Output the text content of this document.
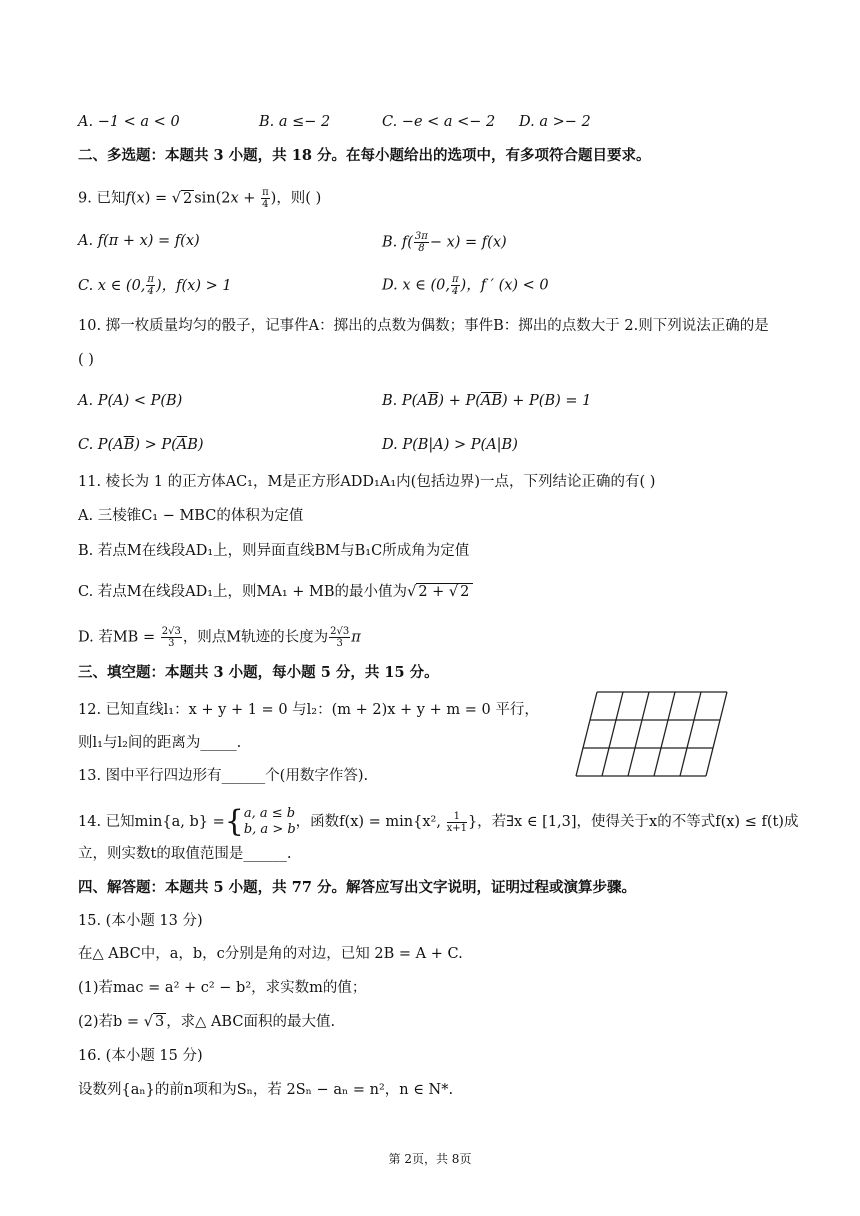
A. −1 < a < 0	B. a ≤− 2	C. −e < a <− 2 D. a >− 2
二、多选题：本题共 3 小题，共 18 分。在每小题给出的选项中，有多项符合题目要求。
9. 已知f(x) = √ 2 $\sin(2x + \frac{\pi}{4}$ )，则( )
A. f(π + x) = f(x)	B. $f( \frac{3\pi}{8} - x) = f(x)$
C. x ∈ (0, $\frac{\pi}{4}$ )，f(x) > 1	D. x ∈ (0, $\frac{\pi}{4}$ )，f ′ (x) < 0
10. 掷一枚质量均匀的骰子，记事件A：掷出的点数为偶数；事件B：掷出的点数大于 2.则下列说法正确的是
( )
A. P(A) < P(B)	B. $P(A\overline{B}) + P(\overline{A}\overline{B}) + P(B) = 1$
C. $P(A\overline{B}) > P(\overline{A}B)$	D. P(B|A) > P(A|B)
11. 棱长为 1 的正方体AC₁，M是正方形ADD₁A₁内(包括边界)一点，下列结论正确的有( )
A. 三棱锥C₁ − MBC的体积为定值
B. 若点M在线段AD₁上，则异面直线BM与B₁C所成角为定值
C. 若点M在线段AD₁上，则MA₁ + MB的最小值为√ 2 + √ 2
D. 若MB = $\frac{2√3}{3}$ ，则点M轨迹的长度为 $\frac{2√3}{3}$ π
三、填空题：本题共 3 小题，每小题 5 分，共 15 分。
12. 已知直线l₁：x + y + 1 = 0 与l₂：(m + 2)x + y + m = 0 平行，
则l₁与l₂间的距离为_____.
13. 图中平行四边形有______个(用数字作答).
14. 已知min{a, b} ={ a, a ≤ b
b, a > b ，函数f(x) = min{x², $\frac{1}{x+1}$ }，若∃x ∈ [1,3]，使得关于x的不等式f(x) ≤ f(t)成
立，则实数t的取值范围是______.
四、解答题：本题共 5 小题，共 77 分。解答应写出文字说明，证明过程或演算步骤。
15. (本小题 13 分)
在△ ABC中，a，b，c分别是角的对边，已知 2B = A + C.
(1)若mac = a² + c² − b²，求实数m的值；
(2)若b = √ 3 ，求△ ABC面积的最大值.
16. (本小题 15 分)
设数列{aₙ}的前n项和为Sₙ，若 2Sₙ − aₙ = n²，n ∈ N*.
第 2页，共 8页
